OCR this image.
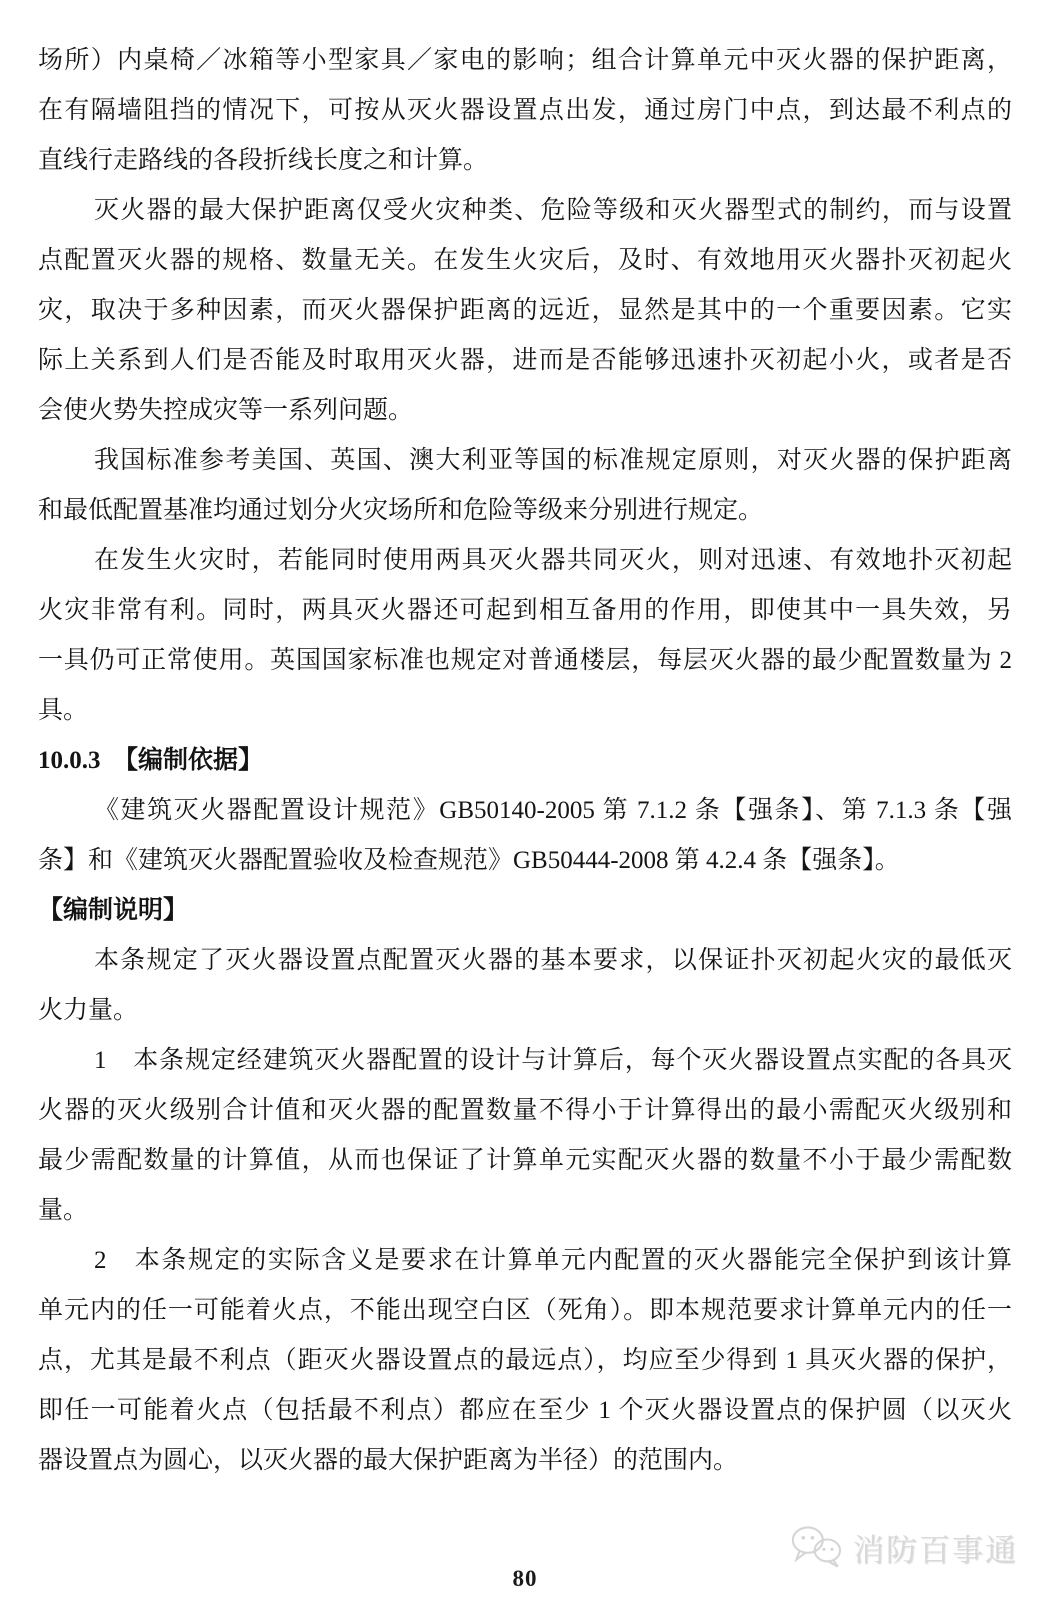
场所）内桌椅／冰箱等小型家具／家电的影响；组合计算单元中灭火器的保护距离，
在有隔墙阻挡的情况下，可按从灭火器设置点出发，通过房门中点，到达最不利点的
直线行走路线的各段折线长度之和计算。
灭火器的最大保护距离仅受火灾种类、危险等级和灭火器型式的制约，而与设置
点配置灭火器的规格、数量无关。在发生火灾后，及时、有效地用灭火器扑灭初起火
灾，取决于多种因素，而灭火器保护距离的远近，显然是其中的一个重要因素。它实
际上关系到人们是否能及时取用灭火器，进而是否能够迅速扑灭初起小火，或者是否
会使火势失控成灾等一系列问题。
我国标准参考美国、英国、澳大利亚等国的标准规定原则，对灭火器的保护距离
和最低配置基准均通过划分火灾场所和危险等级来分别进行规定。
在发生火灾时，若能同时使用两具灭火器共同灭火，则对迅速、有效地扑灭初起
火灾非常有利。同时，两具灭火器还可起到相互备用的作用，即使其中一具失效，另
一具仍可正常使用。英国国家标准也规定对普通楼层，每层灭火器的最少配置数量为 2
具。
10.0.3　【编制依据】
《建筑灭火器配置设计规范》GB50140-2005 第 7.1.2 条【强条】、第 7.1.3 条【强
条】和《建筑灭火器配置验收及检查规范》GB50444-2008 第 4.2.4 条【强条】。
【编制说明】
本条规定了灭火器设置点配置灭火器的基本要求，以保证扑灭初起火灾的最低灭
火力量。
1　本条规定经建筑灭火器配置的设计与计算后，每个灭火器设置点实配的各具灭
火器的灭火级别合计值和灭火器的配置数量不得小于计算得出的最小需配灭火级别和
最少需配数量的计算值，从而也保证了计算单元实配灭火器的数量不小于最少需配数
量。
2　本条规定的实际含义是要求在计算单元内配置的灭火器能完全保护到该计算
单元内的任一可能着火点，不能出现空白区（死角）。即本规范要求计算单元内的任一
点，尤其是最不利点（距灭火器设置点的最远点），均应至少得到 1 具灭火器的保护，
即任一可能着火点（包括最不利点）都应在至少 1 个灭火器设置点的保护圆（以灭火
器设置点为圆心，以灭火器的最大保护距离为半径）的范围内。
消防百事通
80
